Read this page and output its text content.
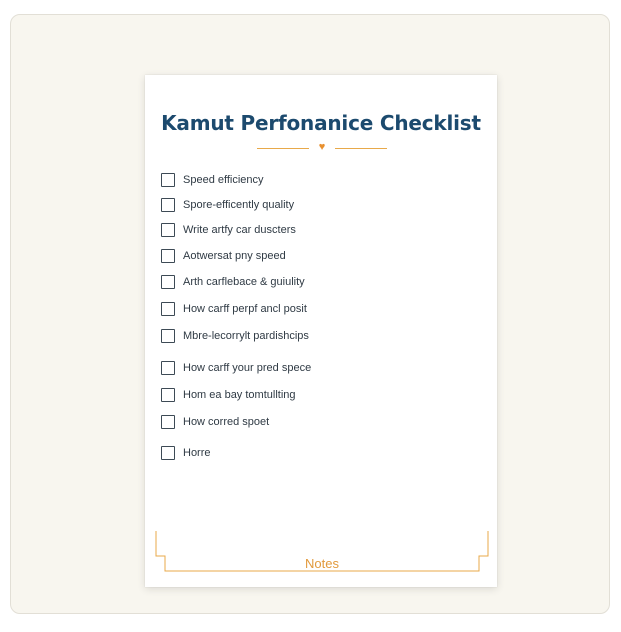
Kamut Perfonanice Checklist
♥
Speed efficiency
Spore-efficently quality
Write artfy car duscters
Aotwersat pny speed
Arth carflebace & guiulity
How carff perpf ancl posit
Mbre-lecorrylt pardishcips
How carff your pred spece
Hom ea bay tomtullting
How corred spoet
Horre
Notes
